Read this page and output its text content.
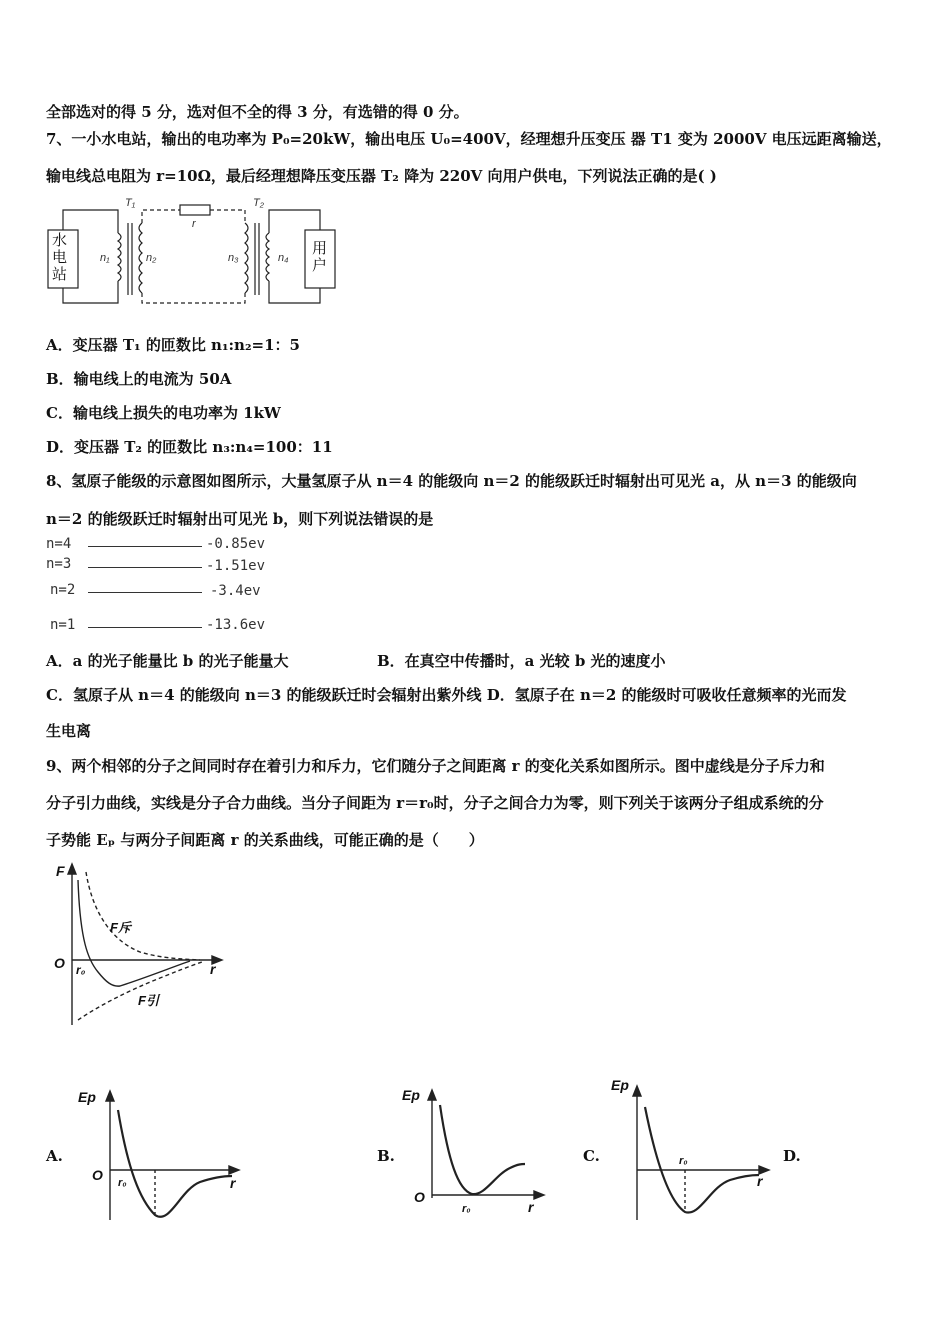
全部选对的得 5 分，选对但不全的得 3 分，有选错的得 0 分。
7、一小水电站，输出的电功率为 P₀=20kW，输出电压 U₀=400V，经理想升压变压 器 T1 变为 2000V 电压远距离输送，
输电线总电阻为 r=10Ω，最后经理想降压变压器 T₂ 降为 220V 向用户供电，下列说法正确的是( )
T₁	T₂
r
n₁	n₂	n₃	n₄
水电站
用户
A．变压器 T₁ 的匝数比 n₁:n₂=1：5
B．输电线上的电流为 50A
C．输电线上损失的电功率为 1kW
D．变压器 T₂ 的匝数比 n₃:n₄=100：11
8、氢原子能级的示意图如图所示，大量氢原子从 n＝4 的能级向 n＝2 的能级跃迁时辐射出可见光 a，从 n＝3 的能级向
n＝2 的能级跃迁时辐射出可见光 b，则下列说法错误的是
n=4	-0.85ev
n=3	-1.51ev
n=2	-3.4ev
n=1	-13.6ev
A．a 的光子能量比 b 的光子能量大	B．在真空中传播时，a 光较 b 光的速度小
C．氢原子从 n＝4 的能级向 n＝3 的能级跃迁时会辐射出紫外线 D．氢原子在 n＝2 的能级时可吸收任意频率的光而发
生电离
9、两个相邻的分子之间同时存在着引力和斥力，它们随分子之间距离 r 的变化关系如图所示。图中虚线是分子斥力和
分子引力曲线，实线是分子合力曲线。当分子间距为 r＝r₀时，分子之间合力为零，则下列关于该两分子组成系统的分
子势能 Eₚ 与两分子间距离 r 的关系曲线，可能正确的是（　　）
F
O	r
r₀
F斥
F引
A.	B.	C.	D.
Ep
O	r
r₀
Ep
O
r
r₀
Ep
r
r₀
